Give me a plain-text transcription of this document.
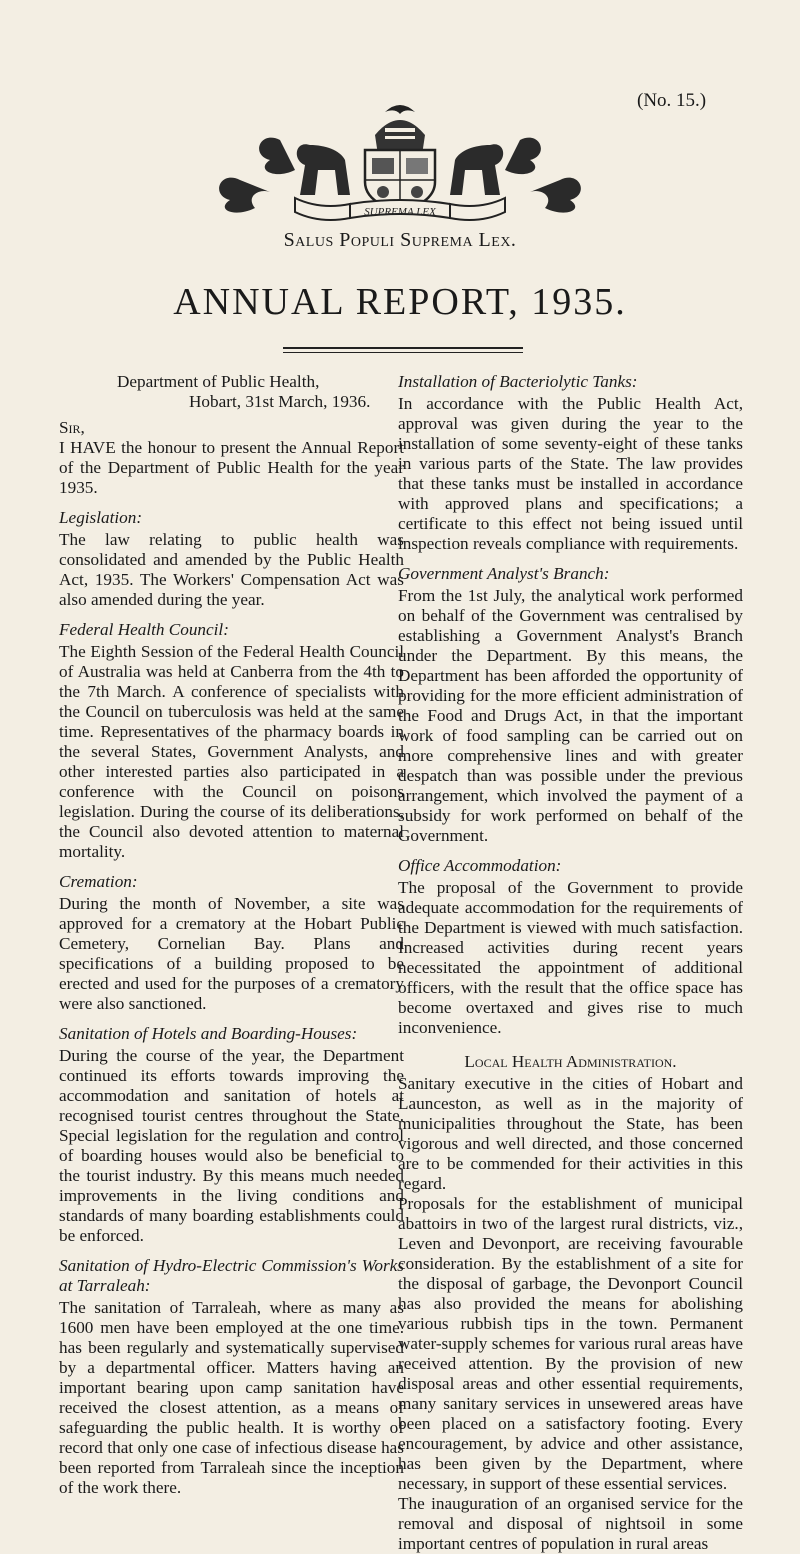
(No. 15.)
SUPREMA LEX
Salus Populi Suprema Lex.
ANNUAL REPORT, 1935.

Department of Public Health,

Hobart, 31st March, 1936.

Sir,

I HAVE the honour to present the Annual Report of the Department of Public Health for the year 1935.

Legislation:

The law relating to public health was consolidated and amended by the Public Health Act, 1935. The Workers' Compensation Act was also amended during the year.

Federal Health Council:

The Eighth Session of the Federal Health Council of Australia was held at Canberra from the 4th to the 7th March. A conference of specialists with the Council on tuberculosis was held at the same time. Representatives of the pharmacy boards in the several States, Government Analysts, and other interested parties also participated in a conference with the Council on poisons legislation. During the course of its deliberations, the Council also devoted attention to maternal mortality.

Cremation:

During the month of November, a site was approved for a crematory at the Hobart Public Cemetery, Cornelian Bay. Plans and specifications of a building proposed to be erected and used for the purposes of a crematory were also sanctioned.

Sanitation of Hotels and Boarding-Houses:

During the course of the year, the Department continued its efforts towards improving the accommodation and sanitation of hotels at recognised tourist centres throughout the State. Special legislation for the regulation and control of boarding houses would also be beneficial to the tourist industry. By this means much needed improvements in the living conditions and standards of many boarding establishments could be enforced.

Sanitation of Hydro-Electric Commission's Works at Tarraleah:

The sanitation of Tarraleah, where as many as 1600 men have been employed at the one time. has been regularly and systematically supervised by a departmental officer. Matters having an important bearing upon camp sanitation have received the closest attention, as a means of safeguarding the public health. It is worthy of record that only one case of infectious disease has been reported from Tarraleah since the inception of the work there.

Installation of Bacteriolytic Tanks:

In accordance with the Public Health Act, approval was given during the year to the installation of some seventy-eight of these tanks in various parts of the State. The law provides that these tanks must be installed in accordance with approved plans and specifications; a certificate to this effect not being issued until inspection reveals compliance with requirements.

Government Analyst's Branch:

From the 1st July, the analytical work performed on behalf of the Government was centralised by establishing a Government Analyst's Branch under the Department. By this means, the Department has been afforded the opportunity of providing for the more efficient administration of the Food and Drugs Act, in that the important work of food sampling can be carried out on more comprehensive lines and with greater despatch than was possible under the previous arrangement, which involved the payment of a subsidy for work performed on behalf of the Government.

Office Accommodation:

The proposal of the Government to provide adequate accommodation for the requirements of the Department is viewed with much satisfaction. Increased activities during recent years necessitated the appointment of additional officers, with the result that the office space has become overtaxed and gives rise to much inconvenience.

Local Health Administration.

Sanitary executive in the cities of Hobart and Launceston, as well as in the majority of municipalities throughout the State, has been vigorous and well directed, and those concerned are to be commended for their activities in this regard.

Proposals for the establishment of municipal abattoirs in two of the largest rural districts, viz., Leven and Devonport, are receiving favourable consideration. By the establishment of a site for the disposal of garbage, the Devonport Council has also provided the means for abolishing various rubbish tips in the town. Permanent water-supply schemes for various rural areas have received attention. By the provision of new disposal areas and other essential requirements, many sanitary services in unsewered areas have been placed on a satisfactory footing. Every encouragement, by advice and other assistance, has been given by the Department, where necessary, in support of these essential services.

The inauguration of an organised service for the removal and disposal of nightsoil in some important centres of population in rural areas
